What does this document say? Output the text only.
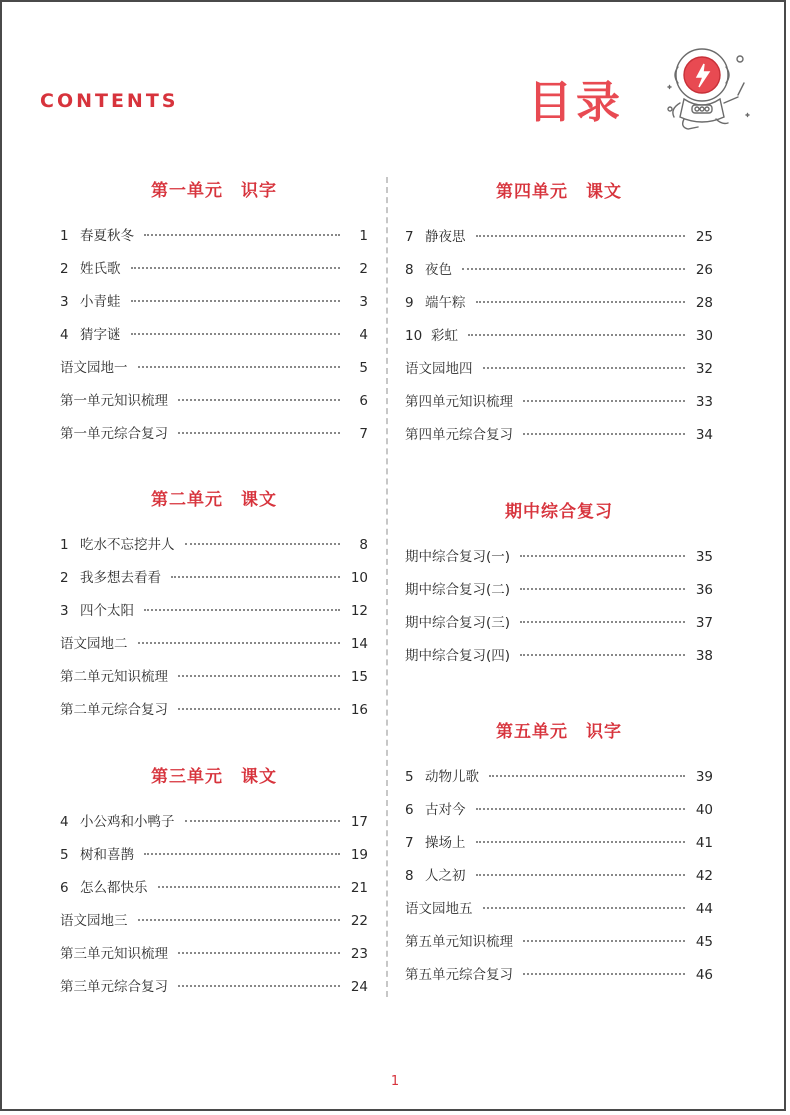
CONTENTS	目录
第一单元　识字
1 春夏秋冬	1
2 姓氏歌	2
3 小青蛙	3
4 猜字谜	4
语文园地一	5
第一单元知识梳理	6
第一单元综合复习	7
第二单元　课文
1 吃水不忘挖井人	8
2 我多想去看看	10
3 四个太阳	12
语文园地二	14
第二单元知识梳理	15
第二单元综合复习	16
第三单元　课文
4 小公鸡和小鸭子	17
5 树和喜鹊	19
6 怎么都快乐	21
语文园地三	22
第三单元知识梳理	23
第三单元综合复习	24
第四单元　课文
7 静夜思	25
8 夜色	26
9 端午粽	28
10 彩虹	30
语文园地四	32
第四单元知识梳理	33
第四单元综合复习	34
期中综合复习
期中综合复习(一)	35
期中综合复习(二)	36
期中综合复习(三)	37
期中综合复习(四)	38
第五单元　识字
5 动物儿歌	39
6 古对今	40
7 操场上	41
8 人之初	42
语文园地五	44
第五单元知识梳理	45
第五单元综合复习	46
1
